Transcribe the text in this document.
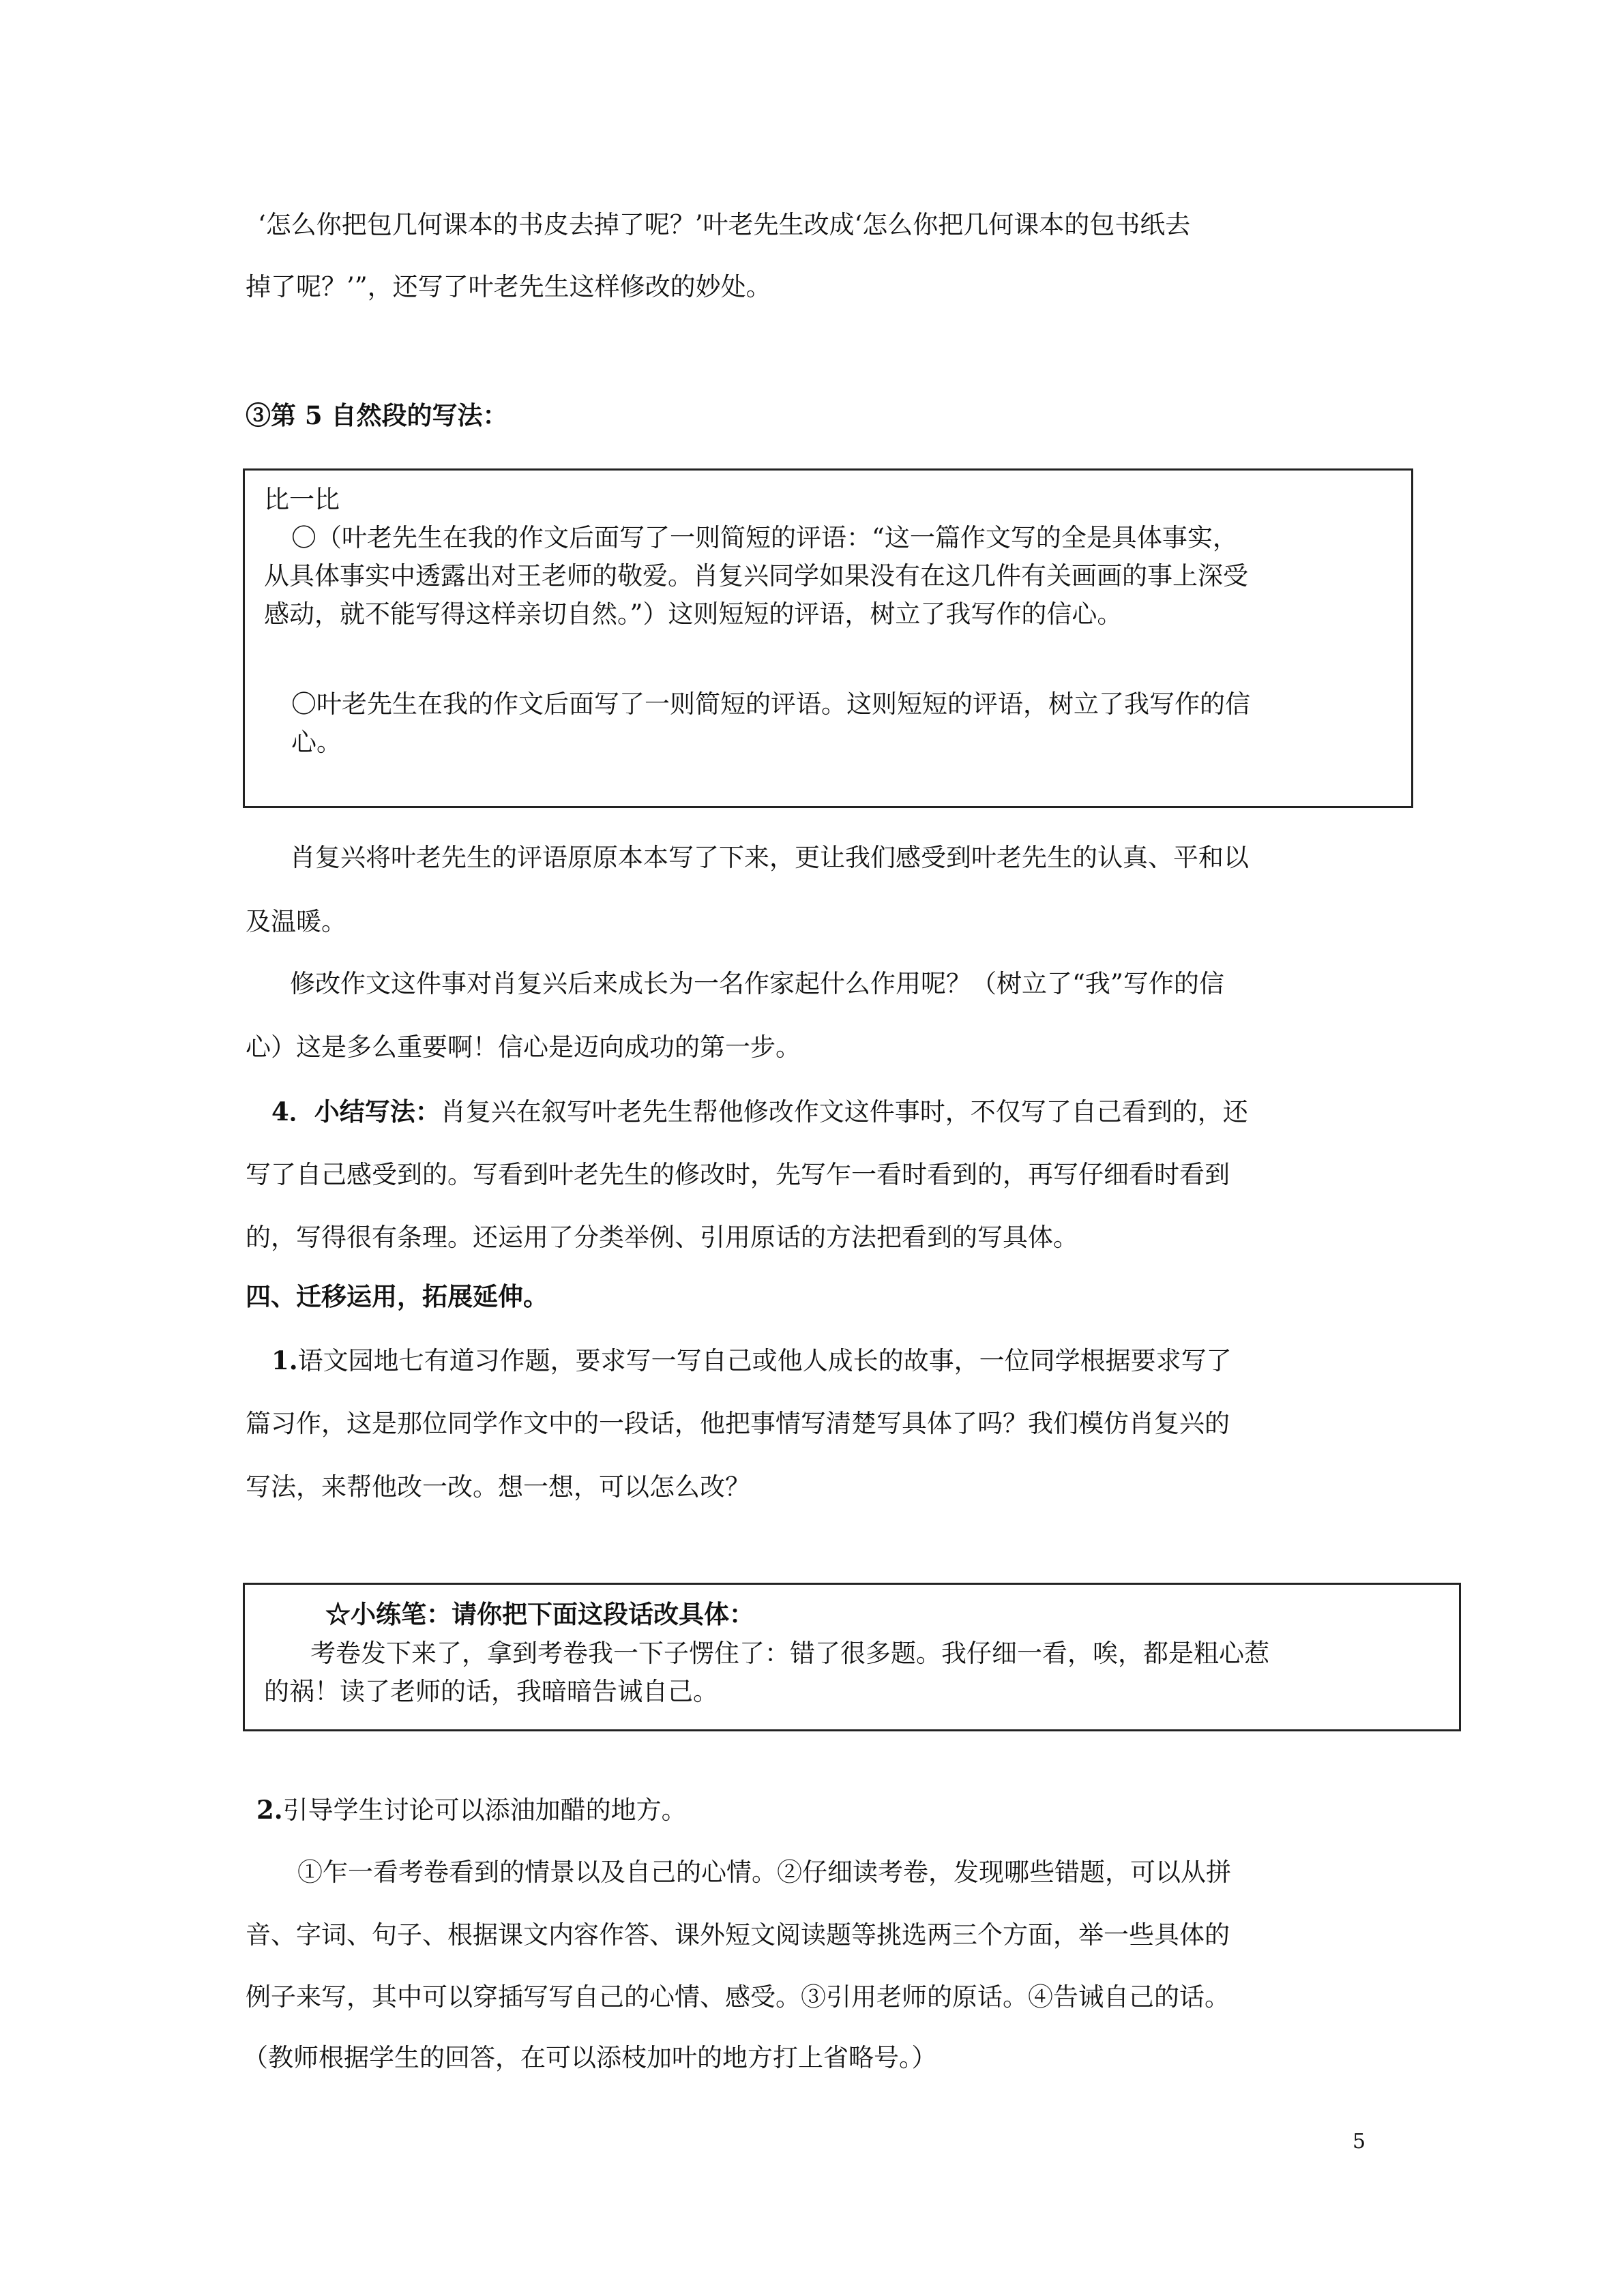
‘怎么你把包几何课本的书皮去掉了呢？’叶老先生改成‘怎么你把几何课本的包书纸去
掉了呢？’”，还写了叶老先生这样修改的妙处。
③第 5 自然段的写法：
比一比
〇（叶老先生在我的作文后面写了一则简短的评语：“这一篇作文写的全是具体事实，
从具体事实中透露出对王老师的敬爱。肖复兴同学如果没有在这几件有关画画的事上深受
感动，就不能写得这样亲切自然。”）这则短短的评语，树立了我写作的信心。
〇叶老先生在我的作文后面写了一则简短的评语。这则短短的评语，树立了我写作的信
心。
肖复兴将叶老先生的评语原原本本写了下来，更让我们感受到叶老先生的认真、平和以
及温暖。
修改作文这件事对肖复兴后来成长为一名作家起什么作用呢？（树立了“我”写作的信
心）这是多么重要啊！信心是迈向成功的第一步。
4．小结写法：肖复兴在叙写叶老先生帮他修改作文这件事时，不仅写了自己看到的，还
写了自己感受到的。写看到叶老先生的修改时，先写乍一看时看到的，再写仔细看时看到
的，写得很有条理。还运用了分类举例、引用原话的方法把看到的写具体。
四、迁移运用，拓展延伸。
1.语文园地七有道习作题，要求写一写自己或他人成长的故事，一位同学根据要求写了
篇习作，这是那位同学作文中的一段话，他把事情写清楚写具体了吗？我们模仿肖复兴的
写法，来帮他改一改。想一想，可以怎么改？
☆小练笔：请你把下面这段话改具体：
考卷发下来了，拿到考卷我一下子愣住了：错了很多题。我仔细一看，唉，都是粗心惹
的祸！读了老师的话，我暗暗告诫自己。
2.引导学生讨论可以添油加醋的地方。
①乍一看考卷看到的情景以及自己的心情。②仔细读考卷，发现哪些错题，可以从拼
音、字词、句子、根据课文内容作答、课外短文阅读题等挑选两三个方面，举一些具体的
例子来写，其中可以穿插写写自己的心情、感受。③引用老师的原话。④告诫自己的话。
（教师根据学生的回答，在可以添枝加叶的地方打上省略号。）
5
